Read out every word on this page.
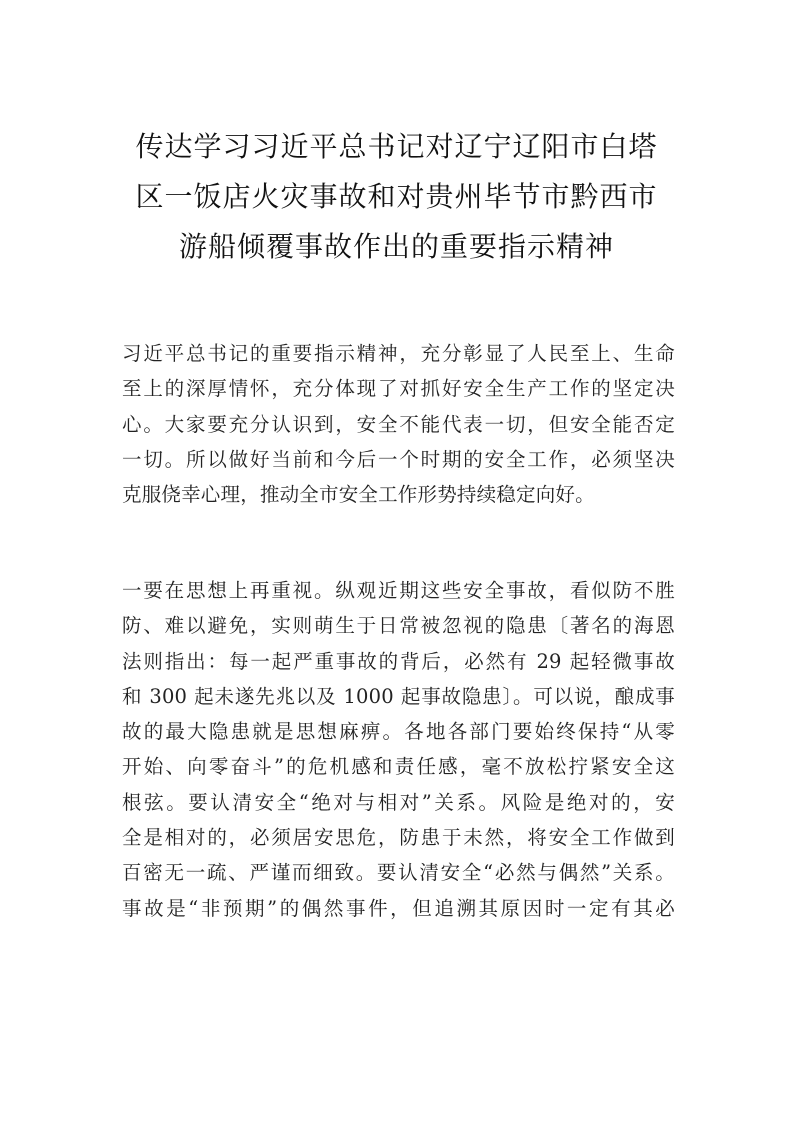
传达学习习近平总书记对辽宁辽阳市白塔
区一饭店火灾事故和对贵州毕节市黔西市
游船倾覆事故作出的重要指示精神
习近平总书记的重要指示精神，充分彰显了人民至上、生命
至上的深厚情怀，充分体现了对抓好安全生产工作的坚定决
心。大家要充分认识到，安全不能代表一切，但安全能否定
一切。所以做好当前和今后一个时期的安全工作，必须坚决
克服侥幸心理，推动全市安全工作形势持续稳定向好。
一要在思想上再重视。纵观近期这些安全事故，看似防不胜
防、难以避免，实则萌生于日常被忽视的隐患〔著名的海恩
法则指出：每一起严重事故的背后，必然有 29 起轻微事故
和 300 起未遂先兆以及 1000 起事故隐患〕。可以说，酿成事
故的最大隐患就是思想麻痹。各地各部门要始终保持“从零
开始、向零奋斗”的危机感和责任感，毫不放松拧紧安全这
根弦。要认清安全“绝对与相对”关系。风险是绝对的，安
全是相对的，必须居安思危，防患于未然，将安全工作做到
百密无一疏、严谨而细致。要认清安全“必然与偶然”关系。
事故是“非预期”的偶然事件，但追溯其原因时一定有其必
